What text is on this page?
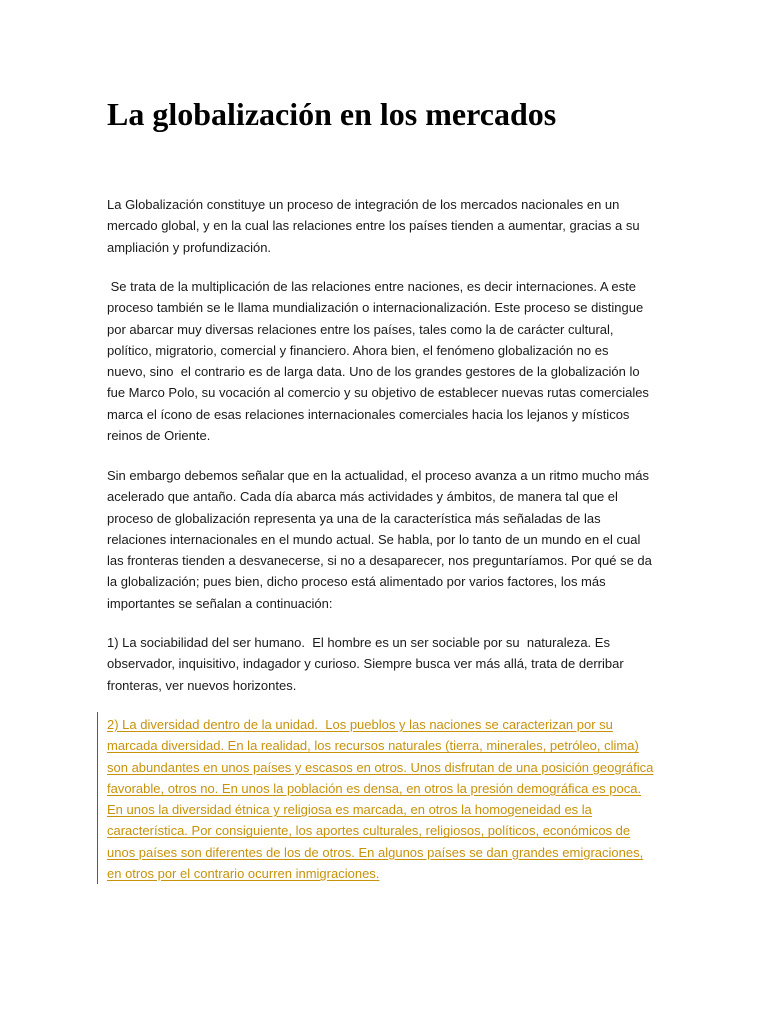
La globalización en los mercados

La Globalización constituye un proceso de integración de los mercados nacionales en un
mercado global, y en la cual las relaciones entre los países tienden a aumentar, gracias a su
ampliación y profundización.

Se trata de la multiplicación de las relaciones entre naciones, es decir internaciones. A este
proceso también se le llama mundialización o internacionalización. Este proceso se distingue
por abarcar muy diversas relaciones entre los países, tales como la de carácter cultural,
político, migratorio, comercial y financiero. Ahora bien, el fenómeno globalización no es
nuevo, sino  el contrario es de larga data. Uno de los grandes gestores de la globalización lo
fue Marco Polo, su vocación al comercio y su objetivo de establecer nuevas rutas comerciales
marca el ícono de esas relaciones internacionales comerciales hacia los lejanos y místicos
reinos de Oriente.

Sin embargo debemos señalar que en la actualidad, el proceso avanza a un ritmo mucho más
acelerado que antaño. Cada día abarca más actividades y ámbitos, de manera tal que el
proceso de globalización representa ya una de la característica más señaladas de las
relaciones internacionales en el mundo actual. Se habla, por lo tanto de un mundo en el cual
las fronteras tienden a desvanecerse, si no a desaparecer, nos preguntaríamos. Por qué se da
la globalización; pues bien, dicho proceso está alimentado por varios factores, los más
importantes se señalan a continuación:

1) La sociabilidad del ser humano.  El hombre es un ser sociable por su  naturaleza. Es
observador, inquisitivo, indagador y curioso. Siempre busca ver más allá, trata de derribar
fronteras, ver nuevos horizontes.

2) La diversidad dentro de la unidad.  Los pueblos y las naciones se caracterizan por su
marcada diversidad. En la realidad, los recursos naturales (tierra, minerales, petróleo, clima)
son abundantes en unos países y escasos en otros. Unos disfrutan de una posición geográfica
favorable, otros no. En unos la población es densa, en otros la presión demográfica es poca.
En unos la diversidad étnica y religiosa es marcada, en otros la homogeneidad es la
característica. Por consiguiente, los aportes culturales, religiosos, políticos, económicos de
unos países son diferentes de los de otros. En algunos países se dan grandes emigraciones,
en otros por el contrario ocurren inmigraciones.
